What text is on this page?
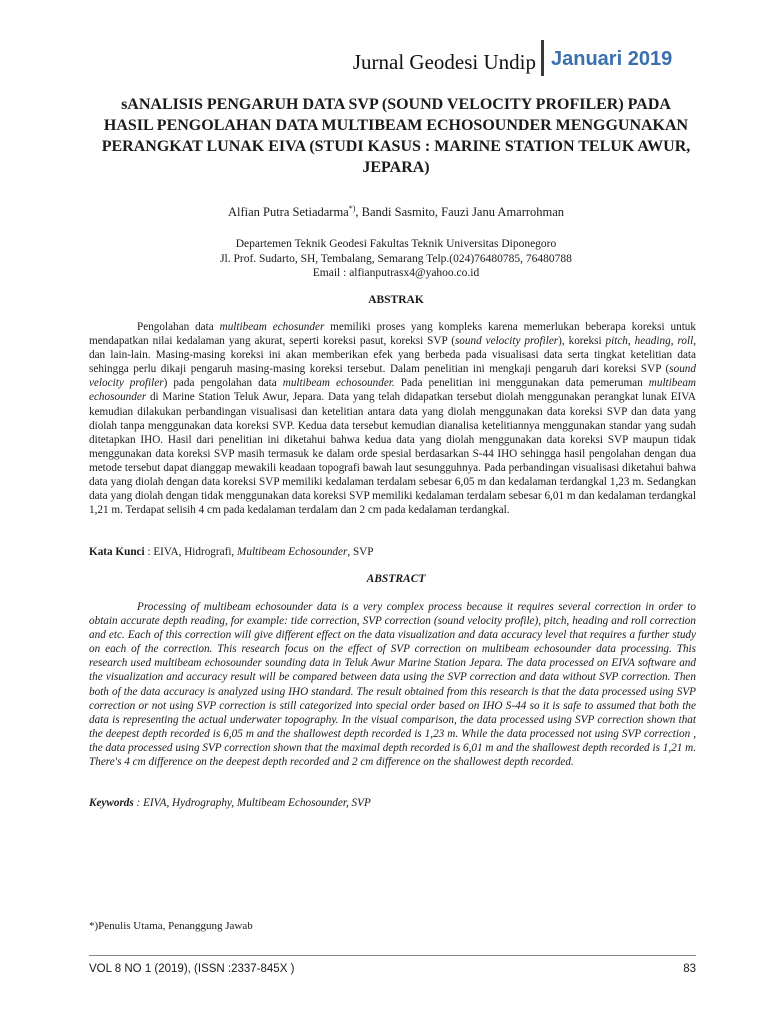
Jurnal Geodesi Undip Januari 2019
sANALISIS PENGARUH DATA SVP (SOUND VELOCITY PROFILER) PADA HASIL PENGOLAHAN DATA MULTIBEAM ECHOSOUNDER MENGGUNAKAN PERANGKAT LUNAK EIVA (STUDI KASUS : MARINE STATION TELUK AWUR, JEPARA)
Alfian Putra Setiadarma*), Bandi Sasmito, Fauzi Janu Amarrohman
Departemen Teknik Geodesi Fakultas Teknik Universitas Diponegoro
Jl. Prof. Sudarto, SH, Tembalang, Semarang Telp.(024)76480785, 76480788
Email : alfianputrasx4@yahoo.co.id
ABSTRAK
Pengolahan data multibeam echosunder memiliki proses yang kompleks karena memerlukan beberapa koreksi untuk mendapatkan nilai kedalaman yang akurat, seperti koreksi pasut, koreksi SVP (sound velocity profiler), koreksi pitch, heading, roll, dan lain-lain. Masing-masing koreksi ini akan memberikan efek yang berbeda pada visualisasi data serta tingkat ketelitian data sehingga perlu dikaji pengaruh masing-masing koreksi tersebut. Dalam penelitian ini mengkaji pengaruh dari koreksi SVP (sound velocity profiler) pada pengolahan data multibeam echosounder. Pada penelitian ini menggunakan data pemeruman multibeam echosounder di Marine Station Teluk Awur, Jepara. Data yang telah didapatkan tersebut diolah menggunakan perangkat lunak EIVA kemudian dilakukan perbandingan visualisasi dan ketelitian antara data yang diolah menggunakan data koreksi SVP dan data yang diolah tanpa menggunakan data koreksi SVP. Kedua data tersebut kemudian dianalisa ketelitiannya menggunakan standar yang sudah ditetapkan IHO. Hasil dari penelitian ini diketahui bahwa kedua data yang diolah menggunakan data koreksi SVP maupun tidak menggunakan data koreksi SVP masih termasuk ke dalam orde spesial berdasarkan S-44 IHO sehingga hasil pengolahan dengan dua metode tersebut dapat dianggap mewakili keadaan topografi bawah laut sesungguhnya. Pada perbandingan visualisasi diketahui bahwa data yang diolah dengan data koreksi SVP memiliki kedalaman terdalam sebesar 6,05 m dan kedalaman terdangkal 1,23 m. Sedangkan data yang diolah dengan tidak menggunakan data koreksi SVP memiliki kedalaman terdalam sebesar 6,01 m dan kedalaman terdangkal 1,21 m. Terdapat selisih 4 cm pada kedalaman terdalam dan 2 cm pada kedalaman terdangkal.
Kata Kunci : EIVA, Hidrografi, Multibeam Echosounder, SVP
ABSTRACT
Processing of multibeam echosounder data is a very complex process because it requires several correction in order to obtain accurate depth reading, for example: tide correction, SVP correction (sound velocity profile), pitch, heading and roll correction and etc. Each of this correction will give different effect on the data visualization and data accuracy level that requires a further study on each of the correction. This research focus on the effect of SVP correction on multibeam echosounder data processing. This research used multibeam echosounder sounding data in Teluk Awur Marine Station Jepara. The data processed on EIVA software and the visualization and accuracy result will be compared between data using the SVP correction and data without SVP correction. Then both of the data accuracy is analyzed using IHO standard. The result obtained from this research is that the data processed using SVP correction or not using SVP correction is still categorized into special order based on IHO S-44 so it is safe to assumed that both the data is representing the actual underwater topography. In the visual comparison, the data processed using SVP correction shown that the deepest depth recorded is 6,05 m and the shallowest depth recorded is 1,23 m. While the data processed not using SVP correction , the data processed using SVP correction shown that the maximal depth recorded is 6,01 m and the shallowest depth recorded is 1,21 m. There's 4 cm difference on the deepest depth recorded and 2 cm difference on the shallowest depth recorded.
Keywords : EIVA, Hydrography, Multibeam Echosounder, SVP
*)Penulis Utama, Penanggung Jawab
VOL 8 NO 1 (2019), (ISSN :2337-845X )	83
